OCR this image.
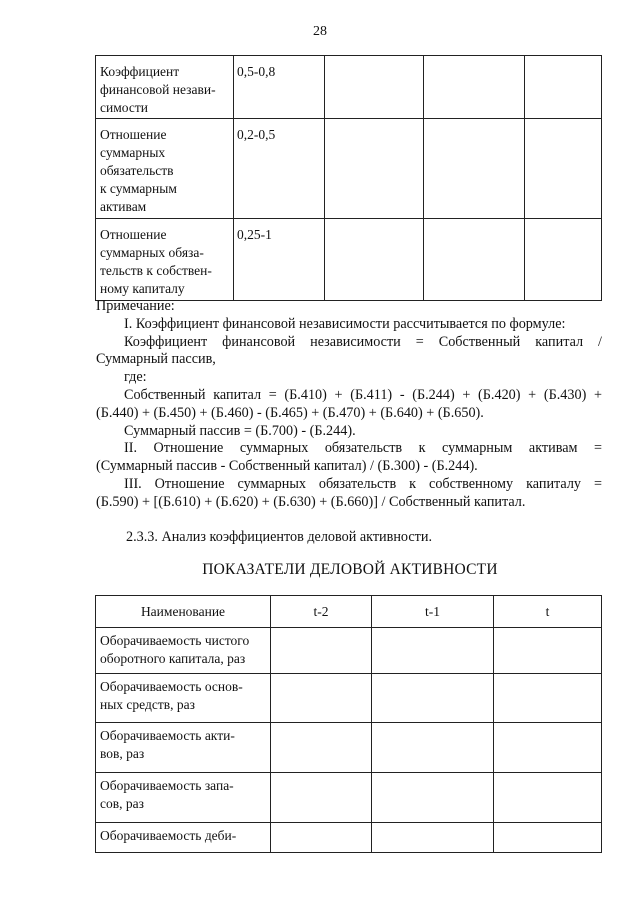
28
Коэффициент
финансовой незави-
симости	0,5-0,8			

Отношение
суммарных
обязательств
к суммарным
активам	0,2-0,5			

Отношение
суммарных обяза-
тельств к собствен-
ному капиталу	0,25-1			

Примечание:

I. Коэффициент финансовой независимости рассчитывается по формуле:

Коэффициент финансовой независимости = Собственный капитал /

Суммарный пассив,

где:

Собственный капитал = (Б.410) + (Б.411) - (Б.244) + (Б.420) + (Б.430) +

(Б.440) + (Б.450) + (Б.460) - (Б.465) + (Б.470) + (Б.640) + (Б.650).

Суммарный пассив = (Б.700) - (Б.244).

II. Отношение суммарных обязательств к суммарным активам =

(Суммарный пассив - Собственный капитал) / (Б.300) - (Б.244).

III. Отношение суммарных обязательств к собственному капиталу =

(Б.590) + [(Б.610) + (Б.620) + (Б.630) + (Б.660)] / Собственный капитал.

2.3.3. Анализ коэффициентов деловой активности.
ПОКАЗАТЕЛИ ДЕЛОВОЙ АКТИВНОСТИ
Наименование	t-2	t-1	t

Оборачиваемость чистого
оборотного капитала, раз			

Оборачиваемость основ-
ных средств, раз			

Оборачиваемость акти-
вов, раз			

Оборачиваемость запа-
сов, раз			

Оборачиваемость деби-			
